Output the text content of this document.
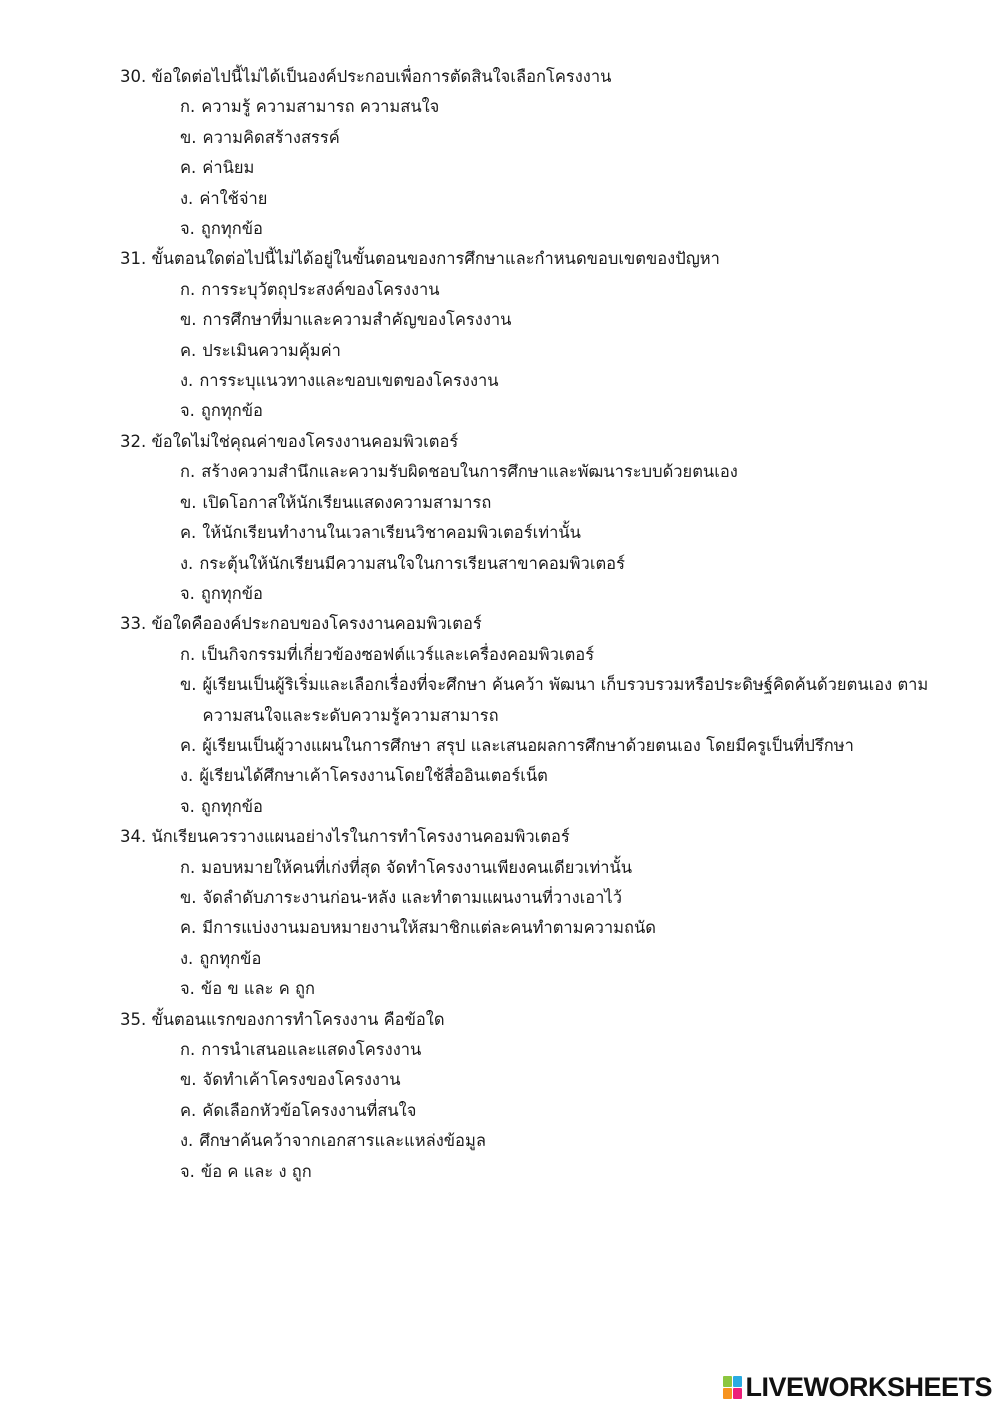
30. ข้อใดต่อไปนี้ไม่ได้เป็นองค์ประกอบเพื่อการตัดสินใจเลือกโครงงาน
ก. ความรู้ ความสามารถ ความสนใจ
ข. ความคิดสร้างสรรค์
ค. ค่านิยม
ง. ค่าใช้จ่าย
จ. ถูกทุกข้อ
31. ขั้นตอนใดต่อไปนี้ไม่ได้อยู่ในขั้นตอนของการศึกษาและกำหนดขอบเขตของปัญหา
ก. การระบุวัตถุประสงค์ของโครงงาน
ข. การศึกษาที่มาและความสำคัญของโครงงาน
ค. ประเมินความคุ้มค่า
ง. การระบุแนวทางและขอบเขตของโครงงาน
จ. ถูกทุกข้อ
32. ข้อใดไม่ใช่คุณค่าของโครงงานคอมพิวเตอร์
ก. สร้างความสำนึกและความรับผิดชอบในการศึกษาและพัฒนาระบบด้วยตนเอง
ข. เปิดโอกาสให้นักเรียนแสดงความสามารถ
ค. ให้นักเรียนทำงานในเวลาเรียนวิชาคอมพิวเตอร์เท่านั้น
ง. กระตุ้นให้นักเรียนมีความสนใจในการเรียนสาขาคอมพิวเตอร์
จ. ถูกทุกข้อ
33. ข้อใดคือองค์ประกอบของโครงงานคอมพิวเตอร์
ก. เป็นกิจกรรมที่เกี่ยวข้องซอฟต์แวร์และเครื่องคอมพิวเตอร์
ข. ผู้เรียนเป็นผู้ริเริ่มและเลือกเรื่องที่จะศึกษา ค้นคว้า พัฒนา เก็บรวบรวมหรือประดิษฐ์คิดค้นด้วยตนเอง ตามความสนใจและระดับความรู้ความสามารถ
ค. ผู้เรียนเป็นผู้วางแผนในการศึกษา สรุป และเสนอผลการศึกษาด้วยตนเอง โดยมีครูเป็นที่ปรึกษา
ง. ผู้เรียนได้ศึกษาเค้าโครงงานโดยใช้สื่ออินเตอร์เน็ต
จ. ถูกทุกข้อ
34. นักเรียนควรวางแผนอย่างไรในการทำโครงงานคอมพิวเตอร์
ก. มอบหมายให้คนที่เก่งที่สุด จัดทำโครงงานเพียงคนเดียวเท่านั้น
ข. จัดลำดับภาระงานก่อน-หลัง และทำตามแผนงานที่วางเอาไว้
ค. มีการแบ่งงานมอบหมายงานให้สมาชิกแต่ละคนทำตามความถนัด
ง. ถูกทุกข้อ
จ. ข้อ ข และ ค ถูก
35. ขั้นตอนแรกของการทำโครงงาน คือข้อใด
ก. การนำเสนอและแสดงโครงงาน
ข. จัดทำเค้าโครงของโครงงาน
ค. คัดเลือกหัวข้อโครงงานที่สนใจ
ง. ศึกษาค้นคว้าจากเอกสารและแหล่งข้อมูล
จ. ข้อ ค และ ง ถูก
LIVEWORKSHEETS
